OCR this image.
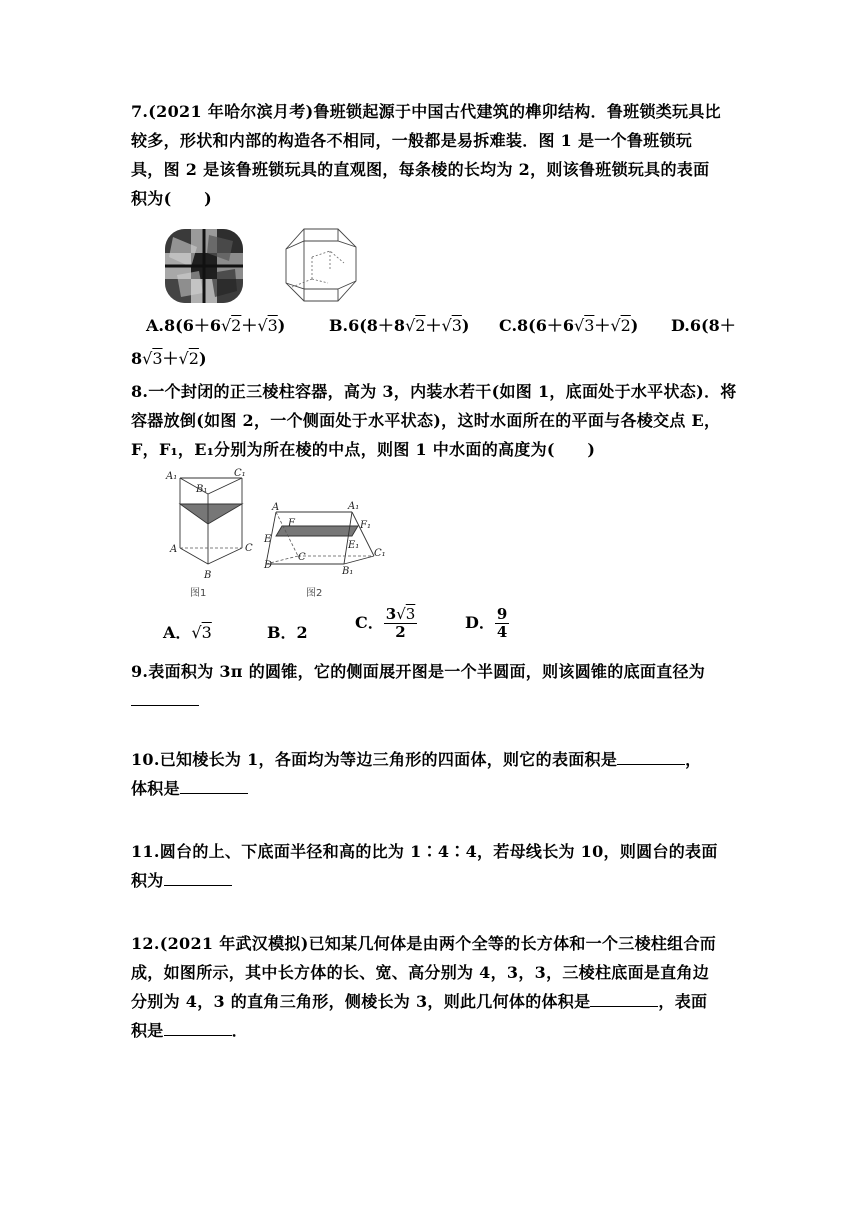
7.(2021 年哈尔滨月考)鲁班锁起源于中国古代建筑的榫卯结构．鲁班锁类玩具比
较多，形状和内部的构造各不相同，一般都是易拆难装．图 1 是一个鲁班锁玩
具，图 2 是该鲁班锁玩具的直观图，每条棱的长均为 2，则该鲁班锁玩具的表面
积为(　　)
A.8(6＋6√2＋√3)	B.6(8＋8√2＋√3) C.8(6＋6√3＋√2) D.6(8＋
8√3＋√2)
8.一个封闭的正三棱柱容器，高为 3，内装水若干(如图 1，底面处于水平状态)．将
容器放倒(如图 2，一个侧面处于水平状态)，这时水面所在的平面与各棱交点 E，
F，F₁，E₁分别为所在棱的中点，则图 1 中水面的高度为(　　)
A₁	C₁
B₁
A	C
B
图1
A	A₁
F	F₁
E
E₁
C	C₁
D
B₁
图2
A．√3	B．2
C． $\frac{3√3}{2}$	D． $\frac{9}{4}$
9.表面积为 3π 的圆锥，它的侧面展开图是一个半圆面，则该圆锥的底面直径为
10.已知棱长为 1，各面均为等边三角形的四面体，则它的表面积是	，
体积是
11.圆台的上、下底面半径和高的比为 1∶4∶4，若母线长为 10，则圆台的表面
积为
12.(2021 年武汉模拟)已知某几何体是由两个全等的长方体和一个三棱柱组合而
成，如图所示，其中长方体的长、宽、高分别为 4，3，3，三棱柱底面是直角边
分别为 4，3 的直角三角形，侧棱长为 3，则此几何体的体积是	，表面
积是	．
